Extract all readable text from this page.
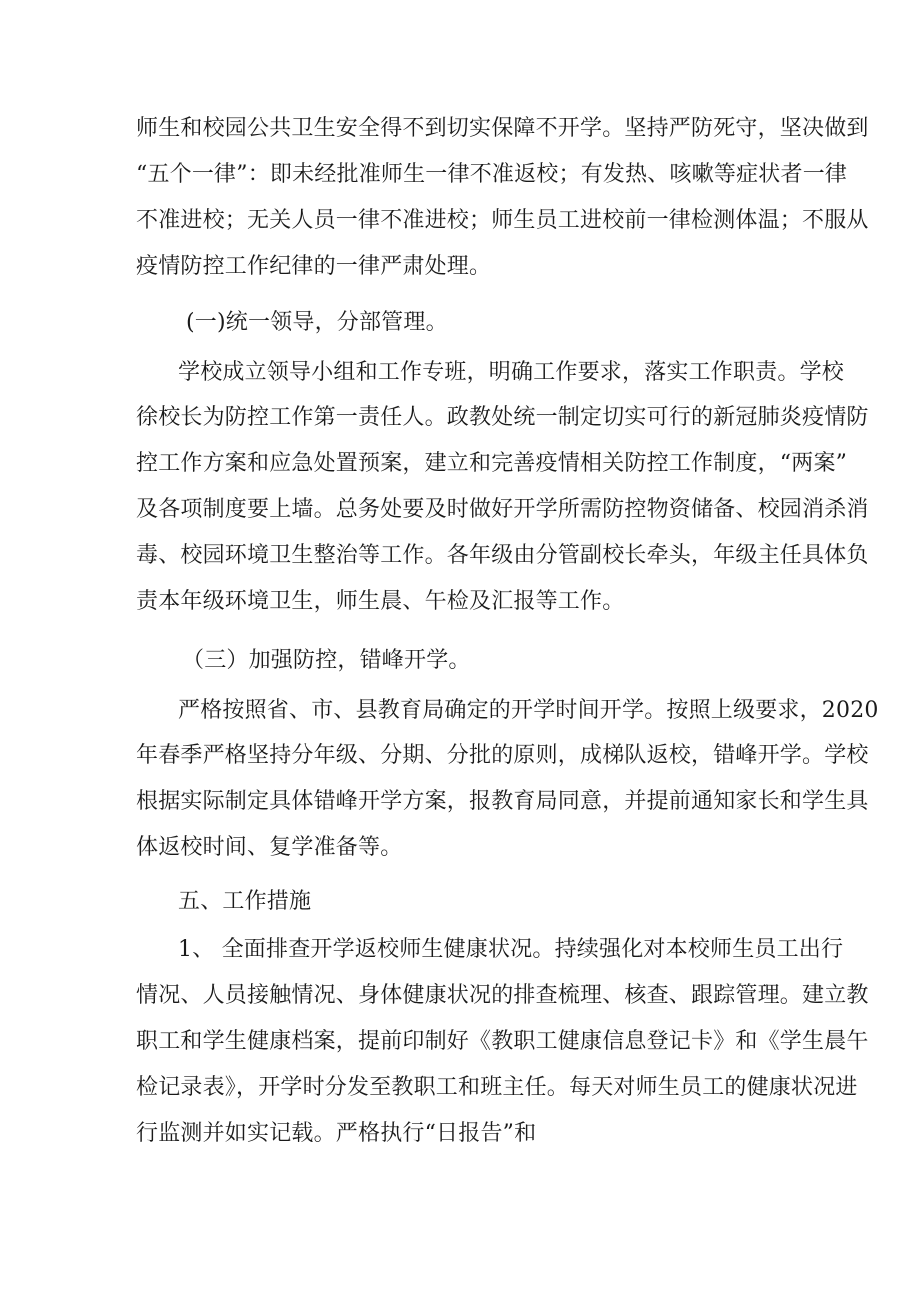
师生和校园公共卫生安全得不到切实保障不开学。坚持严防死守，坚决做到
“五个一律”：即未经批准师生一律不准返校；有发热、咳嗽等症状者一律
不准进校；无关人员一律不准进校；师生员工进校前一律检测体温；不服从
疫情防控工作纪律的一律严肃处理。
(一)统一领导，分部管理。
学校成立领导小组和工作专班，明确工作要求，落实工作职责。学校
徐校长为防控工作第一责任人。政教处统一制定切实可行的新冠肺炎疫情防
控工作方案和应急处置预案，建立和完善疫情相关防控工作制度，“两案”
及各项制度要上墙。总务处要及时做好开学所需防控物资储备、校园消杀消
毒、校园环境卫生整治等工作。各年级由分管副校长牵头，年级主任具体负
责本年级环境卫生，师生晨、午检及汇报等工作。
（三）加强防控，错峰开学。
严格按照省、市、县教育局确定的开学时间开学。按照上级要求，2020
年春季严格坚持分年级、分期、分批的原则，成梯队返校，错峰开学。学校
根据实际制定具体错峰开学方案，报教育局同意，并提前通知家长和学生具
体返校时间、复学准备等。
五、工作措施
1、 全面排查开学返校师生健康状况。持续强化对本校师生员工出行
情况、人员接触情况、身体健康状况的排查梳理、核查、跟踪管理。建立教
职工和学生健康档案，提前印制好《教职工健康信息登记卡》和《学生晨午
检记录表》，开学时分发至教职工和班主任。每天对师生员工的健康状况进
行监测并如实记载。严格执行“日报告”和
